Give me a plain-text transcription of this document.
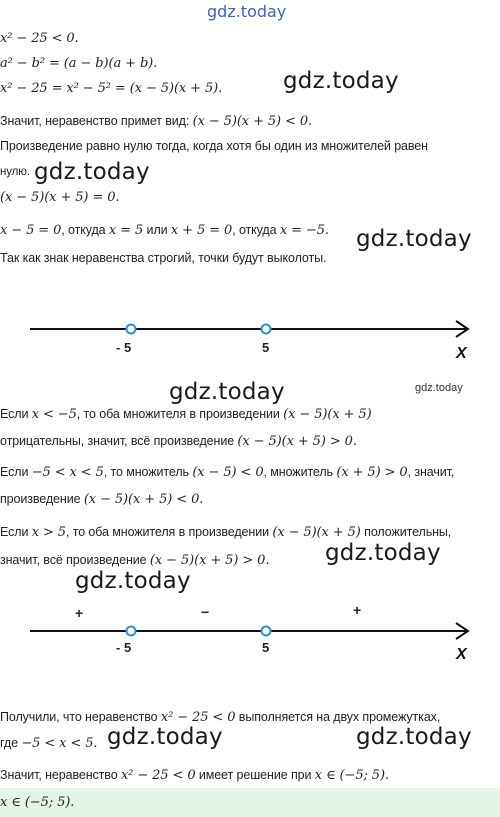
gdz.today
x² − 25 < 0.
a² − b² = (a − b)(a + b).
x² − 25 = x² − 5² = (x − 5)(x + 5).	gdz.today
Значит, неравенство примет вид: (x − 5)(x + 5) < 0.
Произведение равно нулю тогда, когда хотя бы один из множителей равен
нулю. gdz.today
(x − 5)(x + 5) = 0.
x − 5 = 0, откуда x = 5 или x + 5 = 0, откуда x = −5. gdz.today
Так как знак неравенства строгий, точки будут выколоты.
- 5	5	X
gdz.today	gdz.today
Если x < −5, то оба множителя в произведении (x − 5)(x + 5)
отрицательны, значит, всё произведение (x − 5)(x + 5) > 0.
Если −5 < x < 5, то множитель (x − 5) < 0, множитель (x + 5) > 0, значит,
произведение (x − 5)(x + 5) < 0.
Если x > 5, то оба множителя в произведении (x − 5)(x + 5) положительны,
значит, всё произведение (x − 5)(x + 5) > 0. gdz.today
gdz.today
+	−	+
- 5	5	X
Получили, что неравенство x² − 25 < 0 выполняется на двух промежутках,
где −5 < x < 5. gdz.today	gdz.today
Значит, неравенство x² − 25 < 0 имеет решение при x ∈ (−5; 5).
x ∈ (−5; 5).
